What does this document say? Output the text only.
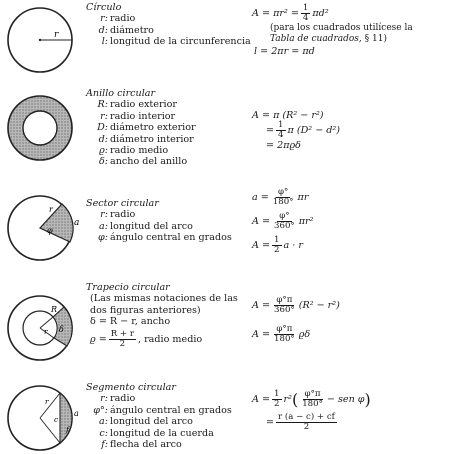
r
Círculo
r: radio
d: diámetro
l: longitud de la circunferencia
$A = \pi r^2 = \frac{1}{4} \pi d^2$
(para los cuadrados utilícese la
Tabla de cuadrados, § 11)
l = 2πr = πd
Anillo circular
R: radio exterior
r: radio interior
D: diámetro exterior
d: diámetro interior
ϱ: radio medio
δ: ancho del anillo
A = π (R² − r²)
= $\frac{1}{4}$ π (D² − d²)
= 2πϱδ
a
r
φ
Sector circular
r: radio
a: longitud del arco
φ: ángulo central en grados
$a = \frac{\varphi^\circ}{180^\circ}$ πr
$A = \frac{\varphi^\circ}{360^\circ} \pi r^2$
$A = \frac{1}{2}$ a · r
R
r δ
Trapecio circular
(Las mismas notaciones de las
dos figuras anteriores)
δ = R − r, ancho
$ϱ = \frac{R + r}{2}$ , radio medio
$A = \frac{\varphi^\circ\pi}{360^\circ} (R^2 - r^2)$
$A = \frac{\varphi^\circ\pi}{180^\circ}$ ϱδ
r
c
a
f
Segmento circular
r: radio
φ°: ángulo central en grados
a: longitud del arco
c: longitud de la cuerda
f: flecha del arco
$A = \frac{1}{2} r^2( \frac{\varphi^\circ\pi}{180^\circ}$ − sen φ)
= $\frac{r (a - c) + cf}{2}$
